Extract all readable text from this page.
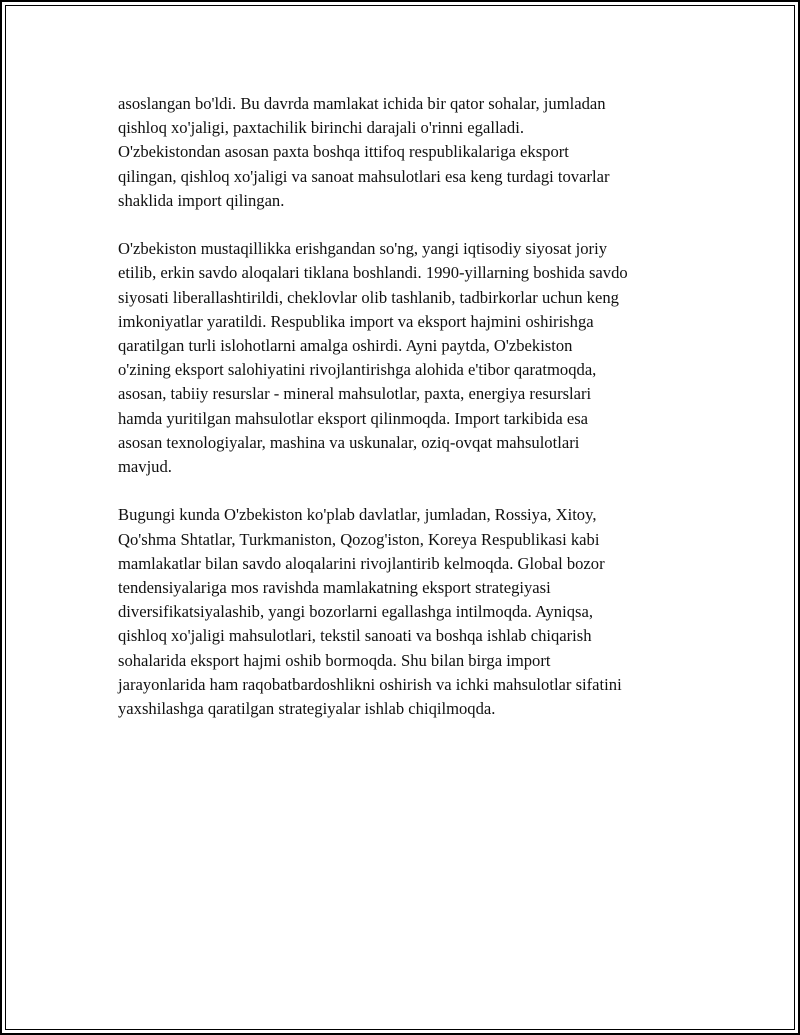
asoslangan bo'ldi. Bu davrda mamlakat ichida bir qator sohalar, jumladan
qishloq xo'jaligi, paxtachilik birinchi darajali o'rinni egalladi.
O'zbekistondan asosan paxta boshqa ittifoq respublikalariga eksport
qilingan, qishloq xo'jaligi va sanoat mahsulotlari esa keng turdagi tovarlar
shaklida import qilingan.

O'zbekiston mustaqillikka erishgandan so'ng, yangi iqtisodiy siyosat joriy
etilib, erkin savdo aloqalari tiklana boshlandi. 1990-yillarning boshida savdo
siyosati liberallashtirildi, cheklovlar olib tashlanib, tadbirkorlar uchun keng
imkoniyatlar yaratildi. Respublika import va eksport hajmini oshirishga
qaratilgan turli islohotlarni amalga oshirdi. Ayni paytda, O'zbekiston
o'zining eksport salohiyatini rivojlantirishga alohida e'tibor qaratmoqda,
asosan, tabiiy resurslar - mineral mahsulotlar, paxta, energiya resurslari
hamda yuritilgan mahsulotlar eksport qilinmoqda. Import tarkibida esa
asosan texnologiyalar, mashina va uskunalar, oziq-ovqat mahsulotlari
mavjud.

Bugungi kunda O'zbekiston ko'plab davlatlar, jumladan, Rossiya, Xitoy,
Qo'shma Shtatlar, Turkmaniston, Qozog'iston, Koreya Respublikasi kabi
mamlakatlar bilan savdo aloqalarini rivojlantirib kelmoqda. Global bozor
tendensiyalariga mos ravishda mamlakatning eksport strategiyasi
diversifikatsiyalashib, yangi bozorlarni egallashga intilmoqda. Ayniqsa,
qishloq xo'jaligi mahsulotlari, tekstil sanoati va boshqa ishlab chiqarish
sohalarida eksport hajmi oshib bormoqda. Shu bilan birga import
jarayonlarida ham raqobatbardoshlikni oshirish va ichki mahsulotlar sifatini
yaxshilashga qaratilgan strategiyalar ishlab chiqilmoqda.
